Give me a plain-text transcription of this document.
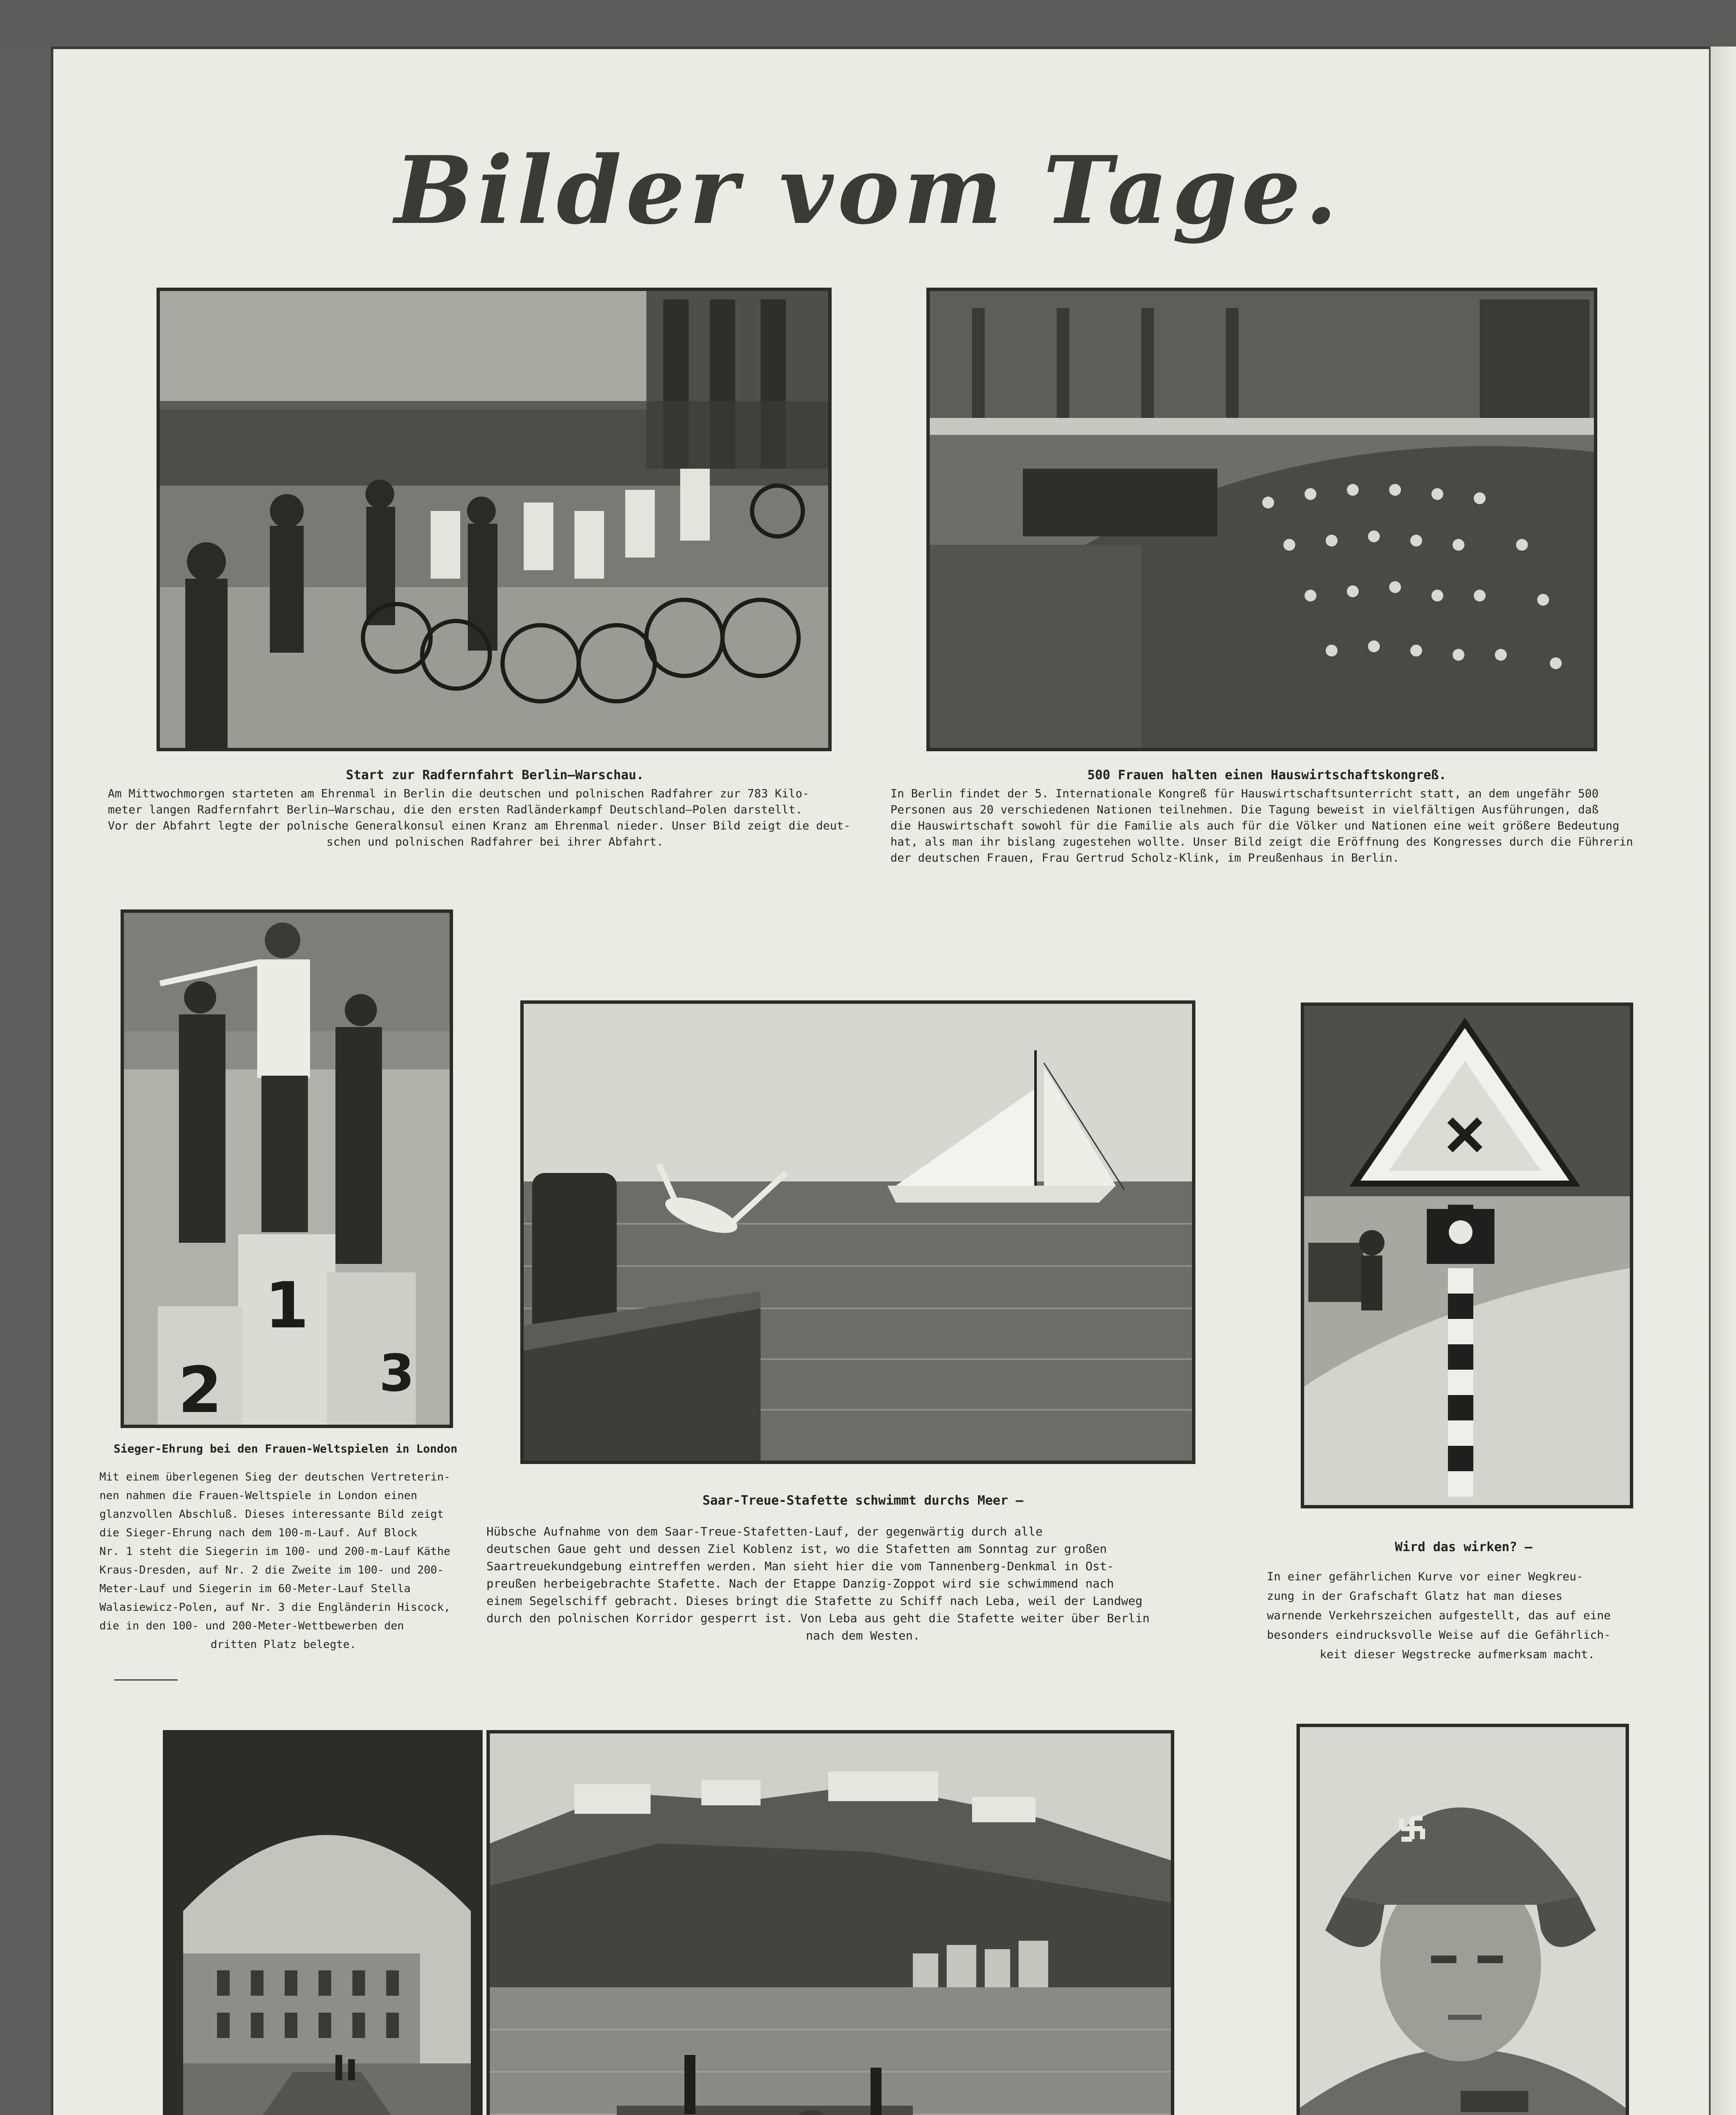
Bilder vom Tage.
Start zur Radfernfahrt Berlin—Warschau.
Am Mittwochmorgen starteten am Ehrenmal in Berlin die deutschen und polnischen Radfahrer zur 783 Kilo-
meter langen Radfernfahrt Berlin—Warschau, die den ersten Radländerkampf Deutschland—Polen darstellt.
Vor der Abfahrt legte der polnische Generalkonsul einen Kranz am Ehrenmal nieder. Unser Bild zeigt die deut-
schen und polnischen Radfahrer bei ihrer Abfahrt.
500 Frauen halten einen Hauswirtschaftskongreß.
In Berlin findet der 5. Internationale Kongreß für Hauswirtschaftsunterricht statt, an dem ungefähr 500
Personen aus 20 verschiedenen Nationen teilnehmen. Die Tagung beweist in vielfältigen Ausführungen, daß
die Hauswirtschaft sowohl für die Familie als auch für die Völker und Nationen eine weit größere Bedeutung
hat, als man ihr bislang zugestehen wollte. Unser Bild zeigt die Eröffnung des Kongresses durch die Führerin
der deutschen Frauen, Frau Gertrud Scholz-Klink, im Preußenhaus in Berlin.
1
2	3
Sieger-Ehrung bei den Frauen-Weltspielen in London
Mit einem überlegenen Sieg der deutschen Vertreterin-
nen nahmen die Frauen-Weltspiele in London einen
glanzvollen Abschluß. Dieses interessante Bild zeigt
die Sieger-Ehrung nach dem 100-m-Lauf. Auf Block
Nr. 1 steht die Siegerin im 100- und 200-m-Lauf Käthe
Kraus-Dresden, auf Nr. 2 die Zweite im 100- und 200-
Meter-Lauf und Siegerin im 60-Meter-Lauf Stella
Walasiewicz-Polen, auf Nr. 3 die Engländerin Hiscock,
die in den 100- und 200-Meter-Wettbewerben den
dritten Platz belegte.
Saar-Treue-Stafette schwimmt durchs Meer —
Hübsche Aufnahme von dem Saar-Treue-Stafetten-Lauf, der gegenwärtig durch alle
deutschen Gaue geht und dessen Ziel Koblenz ist, wo die Stafetten am Sonntag zur großen
Saartreuekundgebung eintreffen werden. Man sieht hier die vom Tannenberg-Denkmal in Ost-
preußen herbeigebrachte Stafette. Nach der Etappe Danzig-Zoppot wird sie schwimmend nach
einem Segelschiff gebracht. Dieses bringt die Stafette zu Schiff nach Leba, weil der Landweg
durch den polnischen Korridor gesperrt ist. Von Leba aus geht die Stafette weiter über Berlin
nach dem Westen.
Wird das wirken? —
In einer gefährlichen Kurve vor einer Wegkreu-
zung in der Grafschaft Glatz hat man dieses
warnende Verkehrszeichen aufgestellt, das auf eine
besonders eindrucksvolle Weise auf die Gefährlich-
keit dieser Wegstrecke aufmerksam macht.
